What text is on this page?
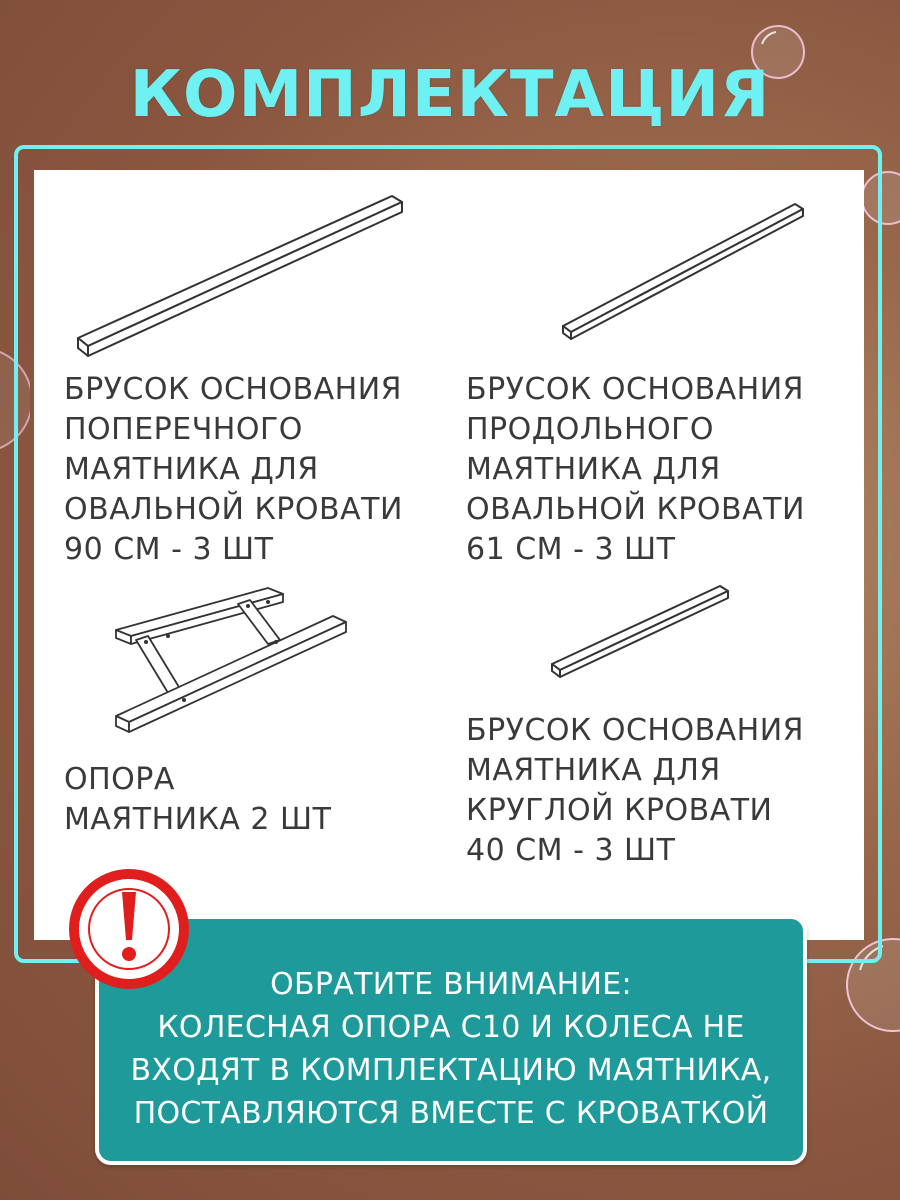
КОМПЛЕКТАЦИЯ
БРУСОК ОСНОВАНИЯ
ПОПЕРЕЧНОГО
МАЯТНИКА ДЛЯ
ОВАЛЬНОЙ КРОВАТИ
90 СМ - 3 ШТ
БРУСОК ОСНОВАНИЯ
ПРОДОЛЬНОГО
МАЯТНИКА ДЛЯ
ОВАЛЬНОЙ КРОВАТИ
61 СМ - 3 ШТ
ОПОРА
МАЯТНИКА 2 ШТ
БРУСОК ОСНОВАНИЯ
МАЯТНИКА ДЛЯ
КРУГЛОЙ КРОВАТИ
40 СМ - 3 ШТ
ОБРАТИТЕ ВНИМАНИЕ:
КОЛЕСНАЯ ОПОРА С10 И КОЛЕСА НЕ
ВХОДЯТ В КОМПЛЕКТАЦИЮ МАЯТНИКА,
ПОСТАВЛЯЮТСЯ ВМЕСТЕ С КРОВАТКОЙ
